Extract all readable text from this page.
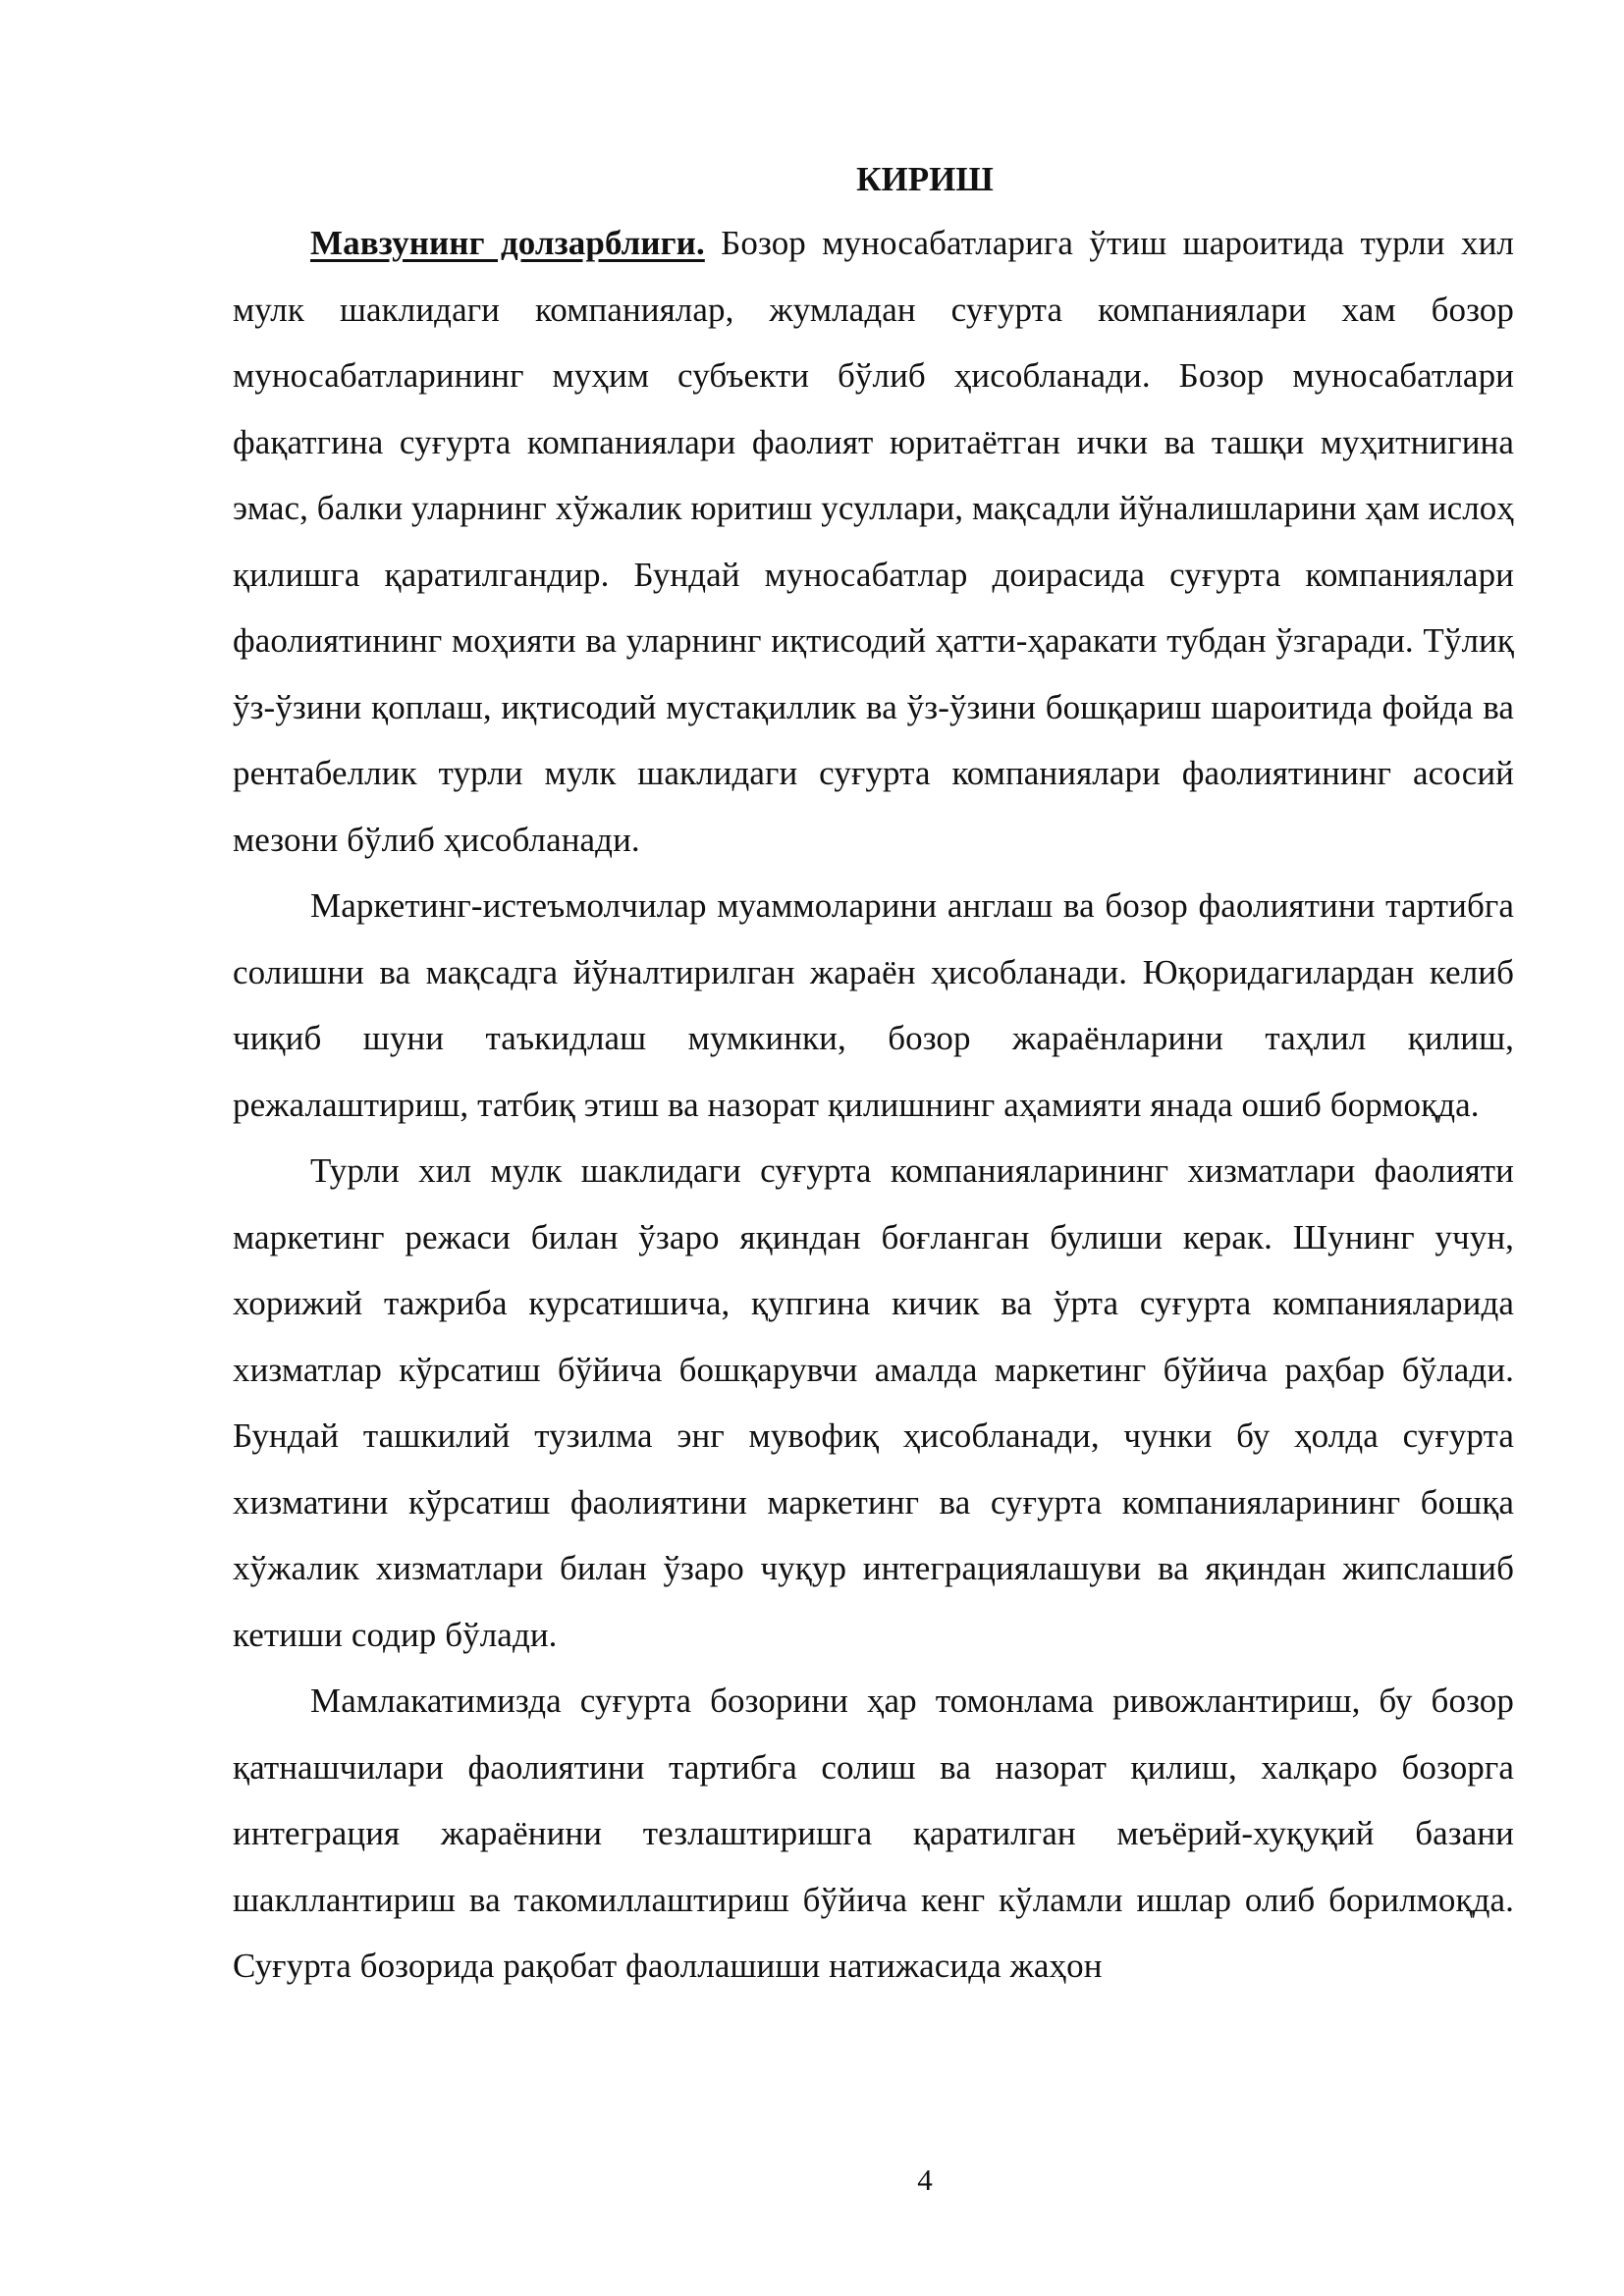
КИРИШ

Мавзунинг долзарблиги. Бозор муносабатларига ўтиш шароитида турли хил мулк шаклидаги компаниялар, жумладан суғурта компаниялари хам бозор муносабатларининг муҳим субъекти бўлиб ҳисобланади. Бозор муносабатлари фақатгина суғурта компаниялари фаолият юритаётган ички ва ташқи муҳитнигина эмас, балки уларнинг хўжалик юритиш усуллари, мақсадли йўналишларини ҳам ислоҳ қилишга қаратилгандир. Бундай муносабатлар доирасида суғурта компаниялари фаолиятининг моҳияти ва уларнинг иқтисодий ҳатти-ҳаракати тубдан ўзгаради. Тўлиқ ўз-ўзини қоплаш, иқтисодий мустақиллик ва ўз-ўзини бошқариш шароитида фойда ва рентабеллик турли мулк шаклидаги суғурта компаниялари фаолиятининг асосий мезони бўлиб ҳисобланади.

Маркетинг-истеъмолчилар муаммоларини англаш ва бозор фаолиятини тартибга солишни ва мақсадга йўналтирилган жараён ҳисобланади. Юқоридагилардан келиб чиқиб шуни таъкидлаш мумкинки, бозор жараёнларини таҳлил қилиш, режалаштириш, татбиқ этиш ва назорат қилишнинг аҳамияти янада ошиб бормоқда.

Турли хил мулк шаклидаги суғурта компанияларининг хизматлари фаолияти маркетинг режаси билан ўзаро яқиндан боғланган булиши керак. Шунинг учун, хорижий тажриба курсатишича, қупгина кичик ва ўрта суғурта компанияларида хизматлар кўрсатиш бўйича бошқарувчи амалда маркетинг бўйича раҳбар бўлади. Бундай ташкилий тузилма энг мувофиқ ҳисобланади, чунки бу ҳолда суғурта хизматини кўрсатиш фаолиятини маркетинг ва суғурта компанияларининг бошқа хўжалик хизматлари билан ўзаро чуқур интеграциялашуви ва яқиндан жипслашиб кетиши содир бўлади.

Мамлакатимизда суғурта бозорини ҳар томонлама ривожлантириш, бу бозор қатнашчилари фаолиятини тартибга солиш ва назорат қилиш, халқаро бозорга интеграция жараёнини тезлаштиришга қаратилган меъёрий-хуқуқий базани шакллантириш ва такомиллаштириш бўйича кенг кўламли ишлар олиб борилмоқда. Суғурта бозорида рақобат фаоллашиши натижасида жаҳон

4
